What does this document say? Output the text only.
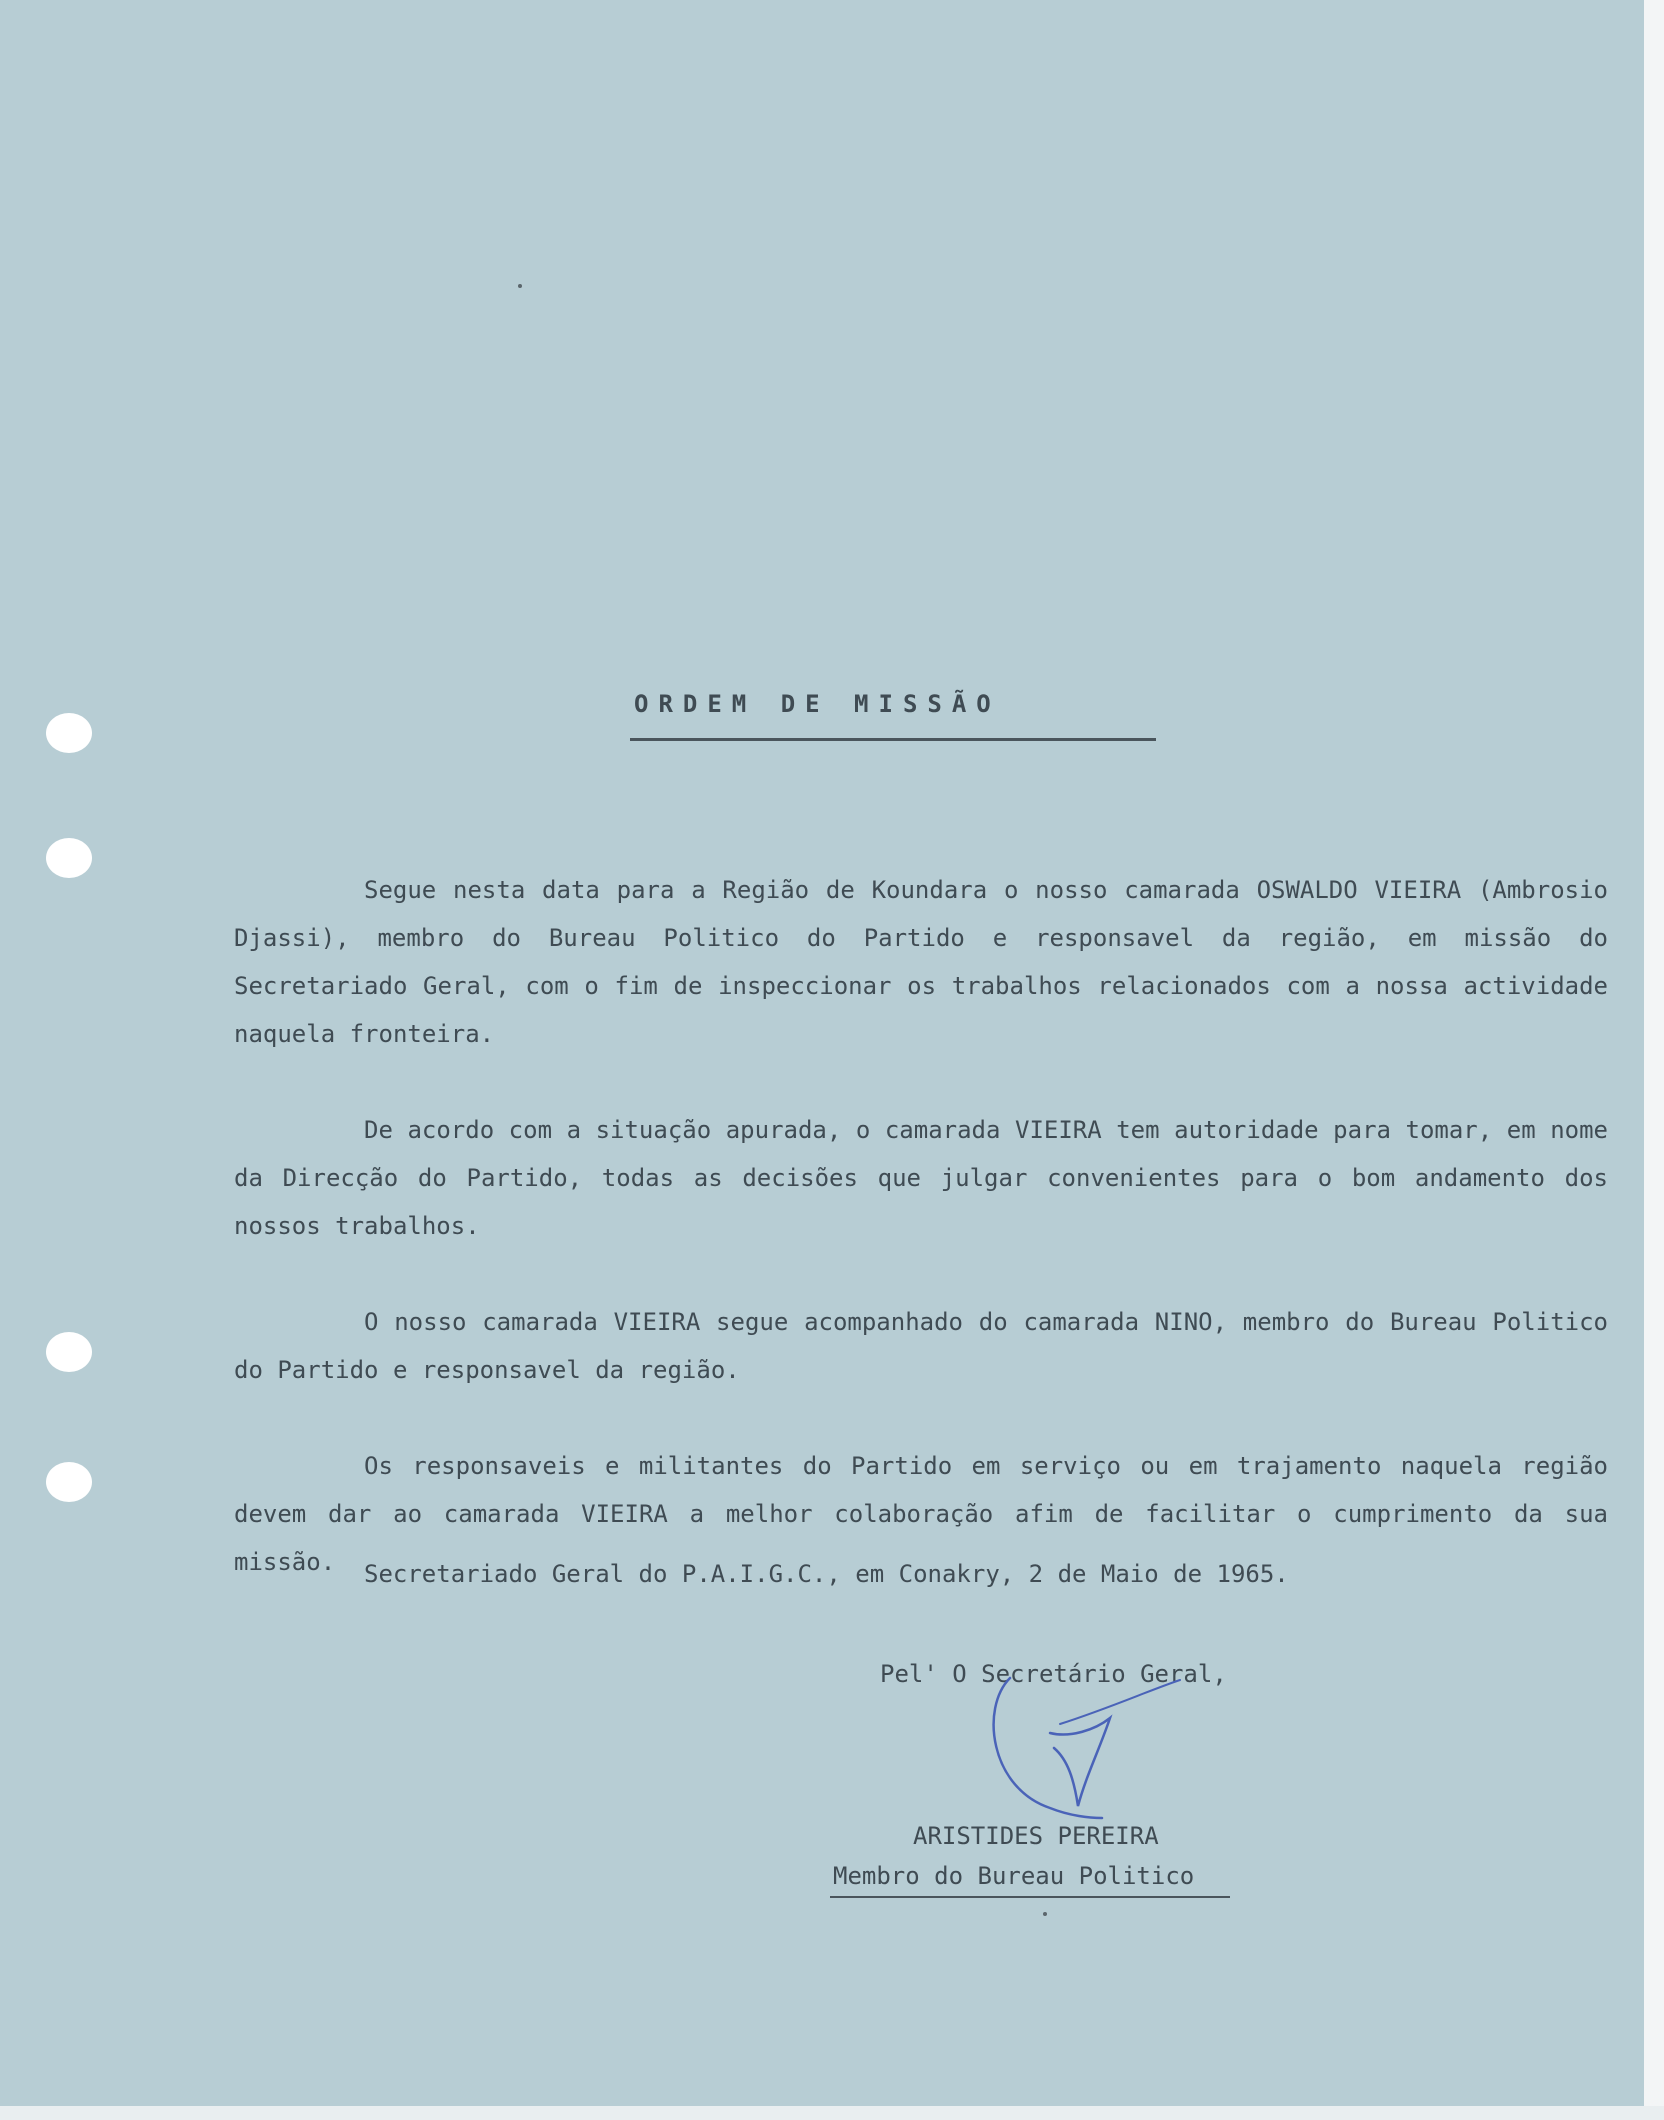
ORDEM DE MISSÃO

Segue nesta data para a Região de Koundara o nosso camarada OSWALDO VIEIRA (Ambrosio Djassi), membro do Bureau Politico do Partido e responsavel da região, em missão do Secretariado Geral, com o fim de inspeccionar os trabalhos relacionados com a nossa actividade naquela fronteira.

De acordo com a situação apurada, o camarada VIEIRA tem autoridade para tomar, em nome da Direcção do Partido, todas as decisões que julgar convenientes para o bom andamento dos nossos trabalhos.

O nosso camarada VIEIRA segue acompanhado do camarada NINO, membro do Bureau Politico do Partido e responsavel da região.

Os responsaveis e militantes do Partido em serviço ou em trajamento naquela região devem dar ao camarada VIEIRA a melhor colaboração afim de facilitar o cumprimento da sua missão.	Secretariado Geral do P.A.I.G.C., em Conakry, 2 de Maio de 1965.

Pel' O Secretário Geral,

ARISTIDES PEREIRA

Membro do Bureau Politico
